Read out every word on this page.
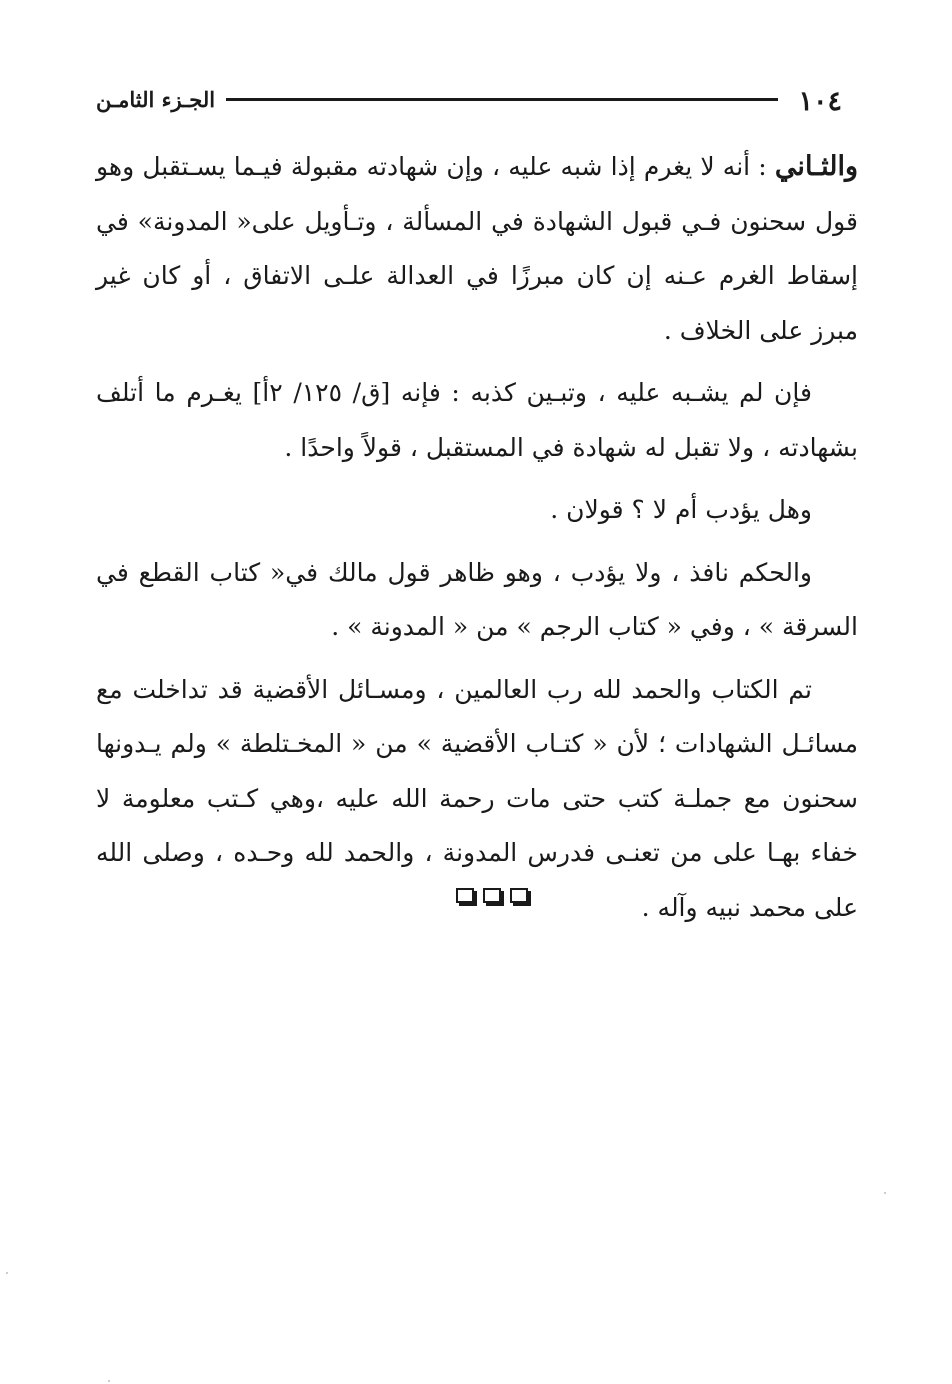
١٠٤
الجـزء الثامـن

والثـاني : أنه لا يغرم إذا شبه عليه ، وإن شهادته مقبولة فيـما يسـتقبل وهو قول سحنون فـي قبول الشهادة في المسألة ، وتـأويل على« المدونة» في إسقاط الغرم عـنه إن كان مبرزًا في العدالة علـى الاتفاق ، أو كان غير مبرز على الخلاف .

فإن لم يشـبه عليه ، وتبـين كذبه : فإنه [ق/ ١٢٥/ ٢أ] يغـرم ما أتلف بشهادته ، ولا تقبل له شهادة في المستقبل ، قولاً واحدًا .

وهل يؤدب أم لا ؟ قولان .

والحكم نافذ ، ولا يؤدب ، وهو ظاهر قول مالك في« كتاب القطع في السرقة » ، وفي « كتاب الرجم » من « المدونة » .

تم الكتاب والحمد لله رب العالمين ، ومسـائل الأقضية قد تداخلت مع مسائـل الشهادات ؛ لأن « كتـاب الأقضية » من « المخـتلطة » ولم يـدونها سحنون مع جملـة كتب حتى مات رحمة الله عليه ،وهي كـتب معلومة لا خفاء بهـا على من تعنـى فدرس المدونة ، والحمد لله وحـده ، وصلى الله على محمد نبيه وآله .
